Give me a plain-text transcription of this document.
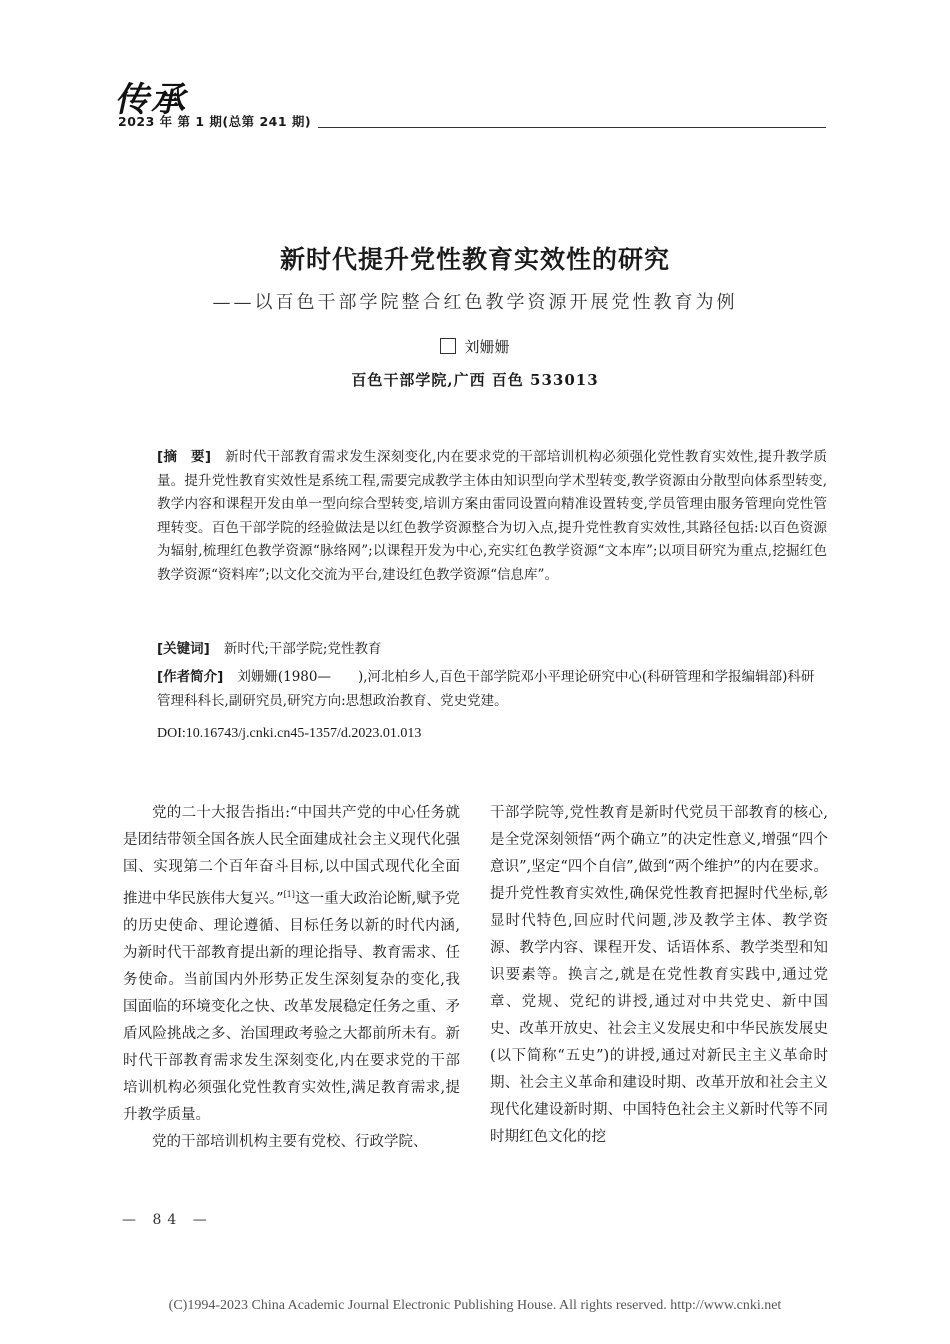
传承
2023 年 第 1 期(总第 241 期)
新时代提升党性教育实效性的研究
——以百色干部学院整合红色教学资源开展党性教育为例
刘姗姗
百色干部学院,广西 百色 533013
[摘　要] 新时代干部教育需求发生深刻变化,内在要求党的干部培训机构必须强化党性教育实效性,提升教学质量。提升党性教育实效性是系统工程,需要完成教学主体由知识型向学术型转变,教学资源由分散型向体系型转变,教学内容和课程开发由单一型向综合型转变,培训方案由雷同设置向精准设置转变,学员管理由服务管理向党性管理转变。百色干部学院的经验做法是以红色教学资源整合为切入点,提升党性教育实效性,其路径包括:以百色资源为辐射,梳理红色教学资源“脉络网”;以课程开发为中心,充实红色教学资源“文本库”;以项目研究为重点,挖掘红色教学资源“资料库”;以文化交流为平台,建设红色教学资源“信息库”。
[关键词] 新时代;干部学院;党性教育
[作者简介] 刘姗姗(1980—　　),河北柏乡人,百色干部学院邓小平理论研究中心(科研管理和学报编辑部)科研管理科科长,副研究员,研究方向:思想政治教育、党史党建。
DOI:10.16743/j.cnki.cn45-1357/d.2023.01.013

党的二十大报告指出:“中国共产党的中心任务就是团结带领全国各族人民全面建成社会主义现代化强国、实现第二个百年奋斗目标,以中国式现代化全面推进中华民族伟大复兴。”[1]这一重大政治论断,赋予党的历史使命、理论遵循、目标任务以新的时代内涵,为新时代干部教育提出新的理论指导、教育需求、任务使命。当前国内外形势正发生深刻复杂的变化,我国面临的环境变化之快、改革发展稳定任务之重、矛盾风险挑战之多、治国理政考验之大都前所未有。新时代干部教育需求发生深刻变化,内在要求党的干部培训机构必须强化党性教育实效性,满足教育需求,提升教学质量。

党的干部培训机构主要有党校、行政学院、

干部学院等,党性教育是新时代党员干部教育的核心,是全党深刻领悟“两个确立”的决定性意义,增强“四个意识”,坚定“四个自信”,做到“两个维护”的内在要求。提升党性教育实效性,确保党性教育把握时代坐标,彰显时代特色,回应时代问题,涉及教学主体、教学资源、教学内容、课程开发、话语体系、教学类型和知识要素等。换言之,就是在党性教育实践中,通过党章、党规、党纪的讲授,通过对中共党史、新中国史、改革开放史、社会主义发展史和中华民族发展史(以下简称“五史”)的讲授,通过对新民主主义革命时期、社会主义革命和建设时期、改革开放和社会主义现代化建设新时期、中国特色社会主义新时代等不同时期红色文化的挖

— 84 —
(C)1994-2023 China Academic Journal Electronic Publishing House. All rights reserved. http://www.cnki.net
